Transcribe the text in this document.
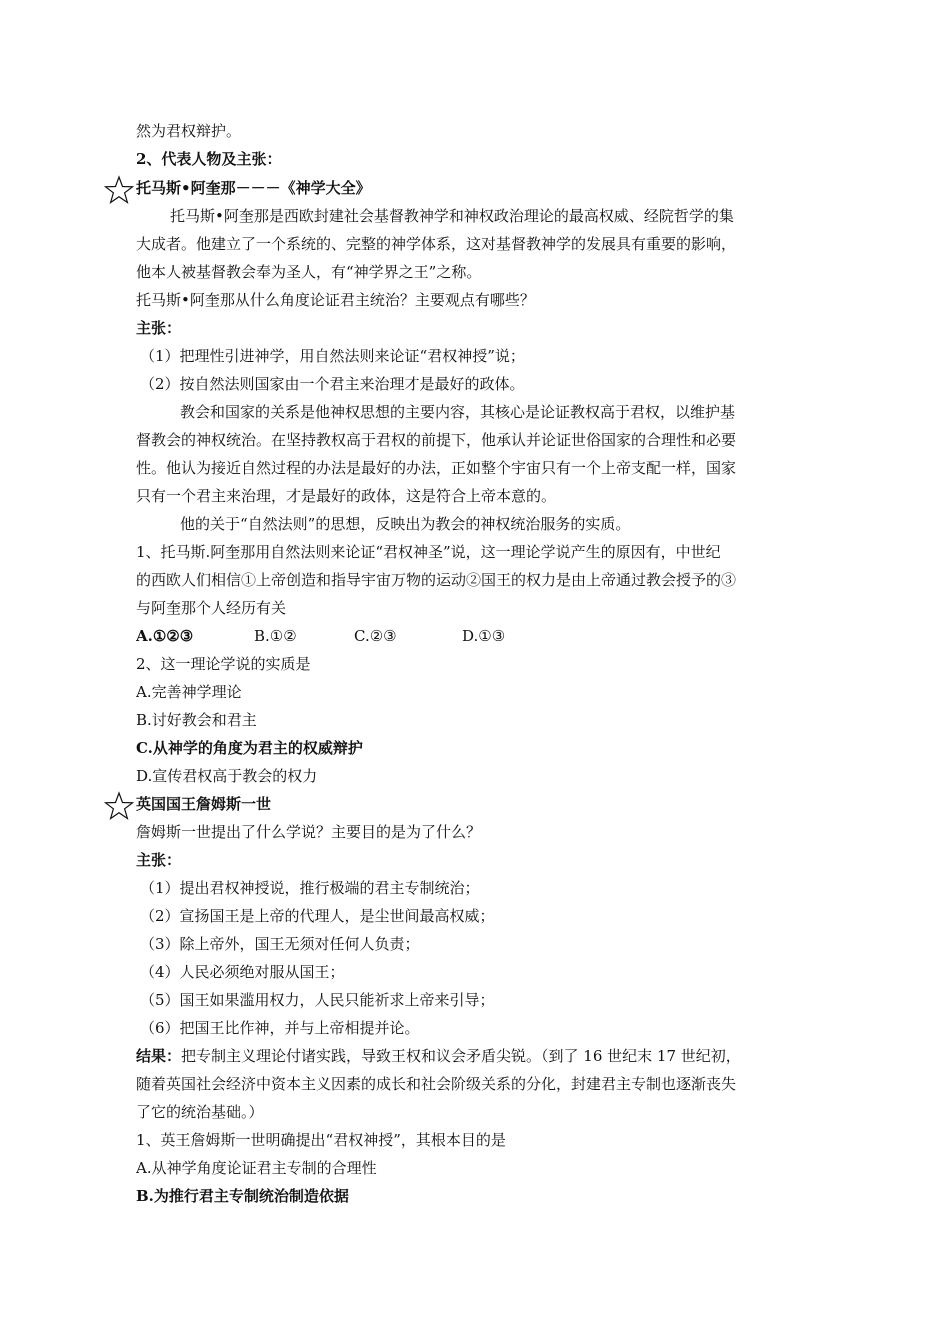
然为君权辩护。
2、代表人物及主张：
托马斯•阿奎那－－－《神学大全》
托马斯•阿奎那是西欧封建社会基督教神学和神权政治理论的最高权威、经院哲学的集
大成者。他建立了一个系统的、完整的神学体系，这对基督教神学的发展具有重要的影响，
他本人被基督教会奉为圣人，有“神学界之王”之称。
托马斯•阿奎那从什么角度论证君主统治？主要观点有哪些？
主张：
（1）把理性引进神学，用自然法则来论证“君权神授”说；
（2）按自然法则国家由一个君主来治理才是最好的政体。
教会和国家的关系是他神权思想的主要内容，其核心是论证教权高于君权，以维护基
督教会的神权统治。在坚持教权高于君权的前提下，他承认并论证世俗国家的合理性和必要
性。他认为接近自然过程的办法是最好的办法，正如整个宇宙只有一个上帝支配一样，国家
只有一个君主来治理，才是最好的政体，这是符合上帝本意的。
他的关于“自然法则”的思想，反映出为教会的神权统治服务的实质。
1、托马斯.阿奎那用自然法则来论证“君权神圣”说，这一理论学说产生的原因有，中世纪
的西欧人们相信①上帝创造和指导宇宙万物的运动②国王的权力是由上帝通过教会授予的③
与阿奎那个人经历有关
A.①②③	B.①②	C.②③	D.①③
2、这一理论学说的实质是
A.完善神学理论
B.讨好教会和君主
C.从神学的角度为君主的权威辩护
D.宣传君权高于教会的权力
英国国王詹姆斯一世
詹姆斯一世提出了什么学说？主要目的是为了什么？
主张：
（1）提出君权神授说，推行极端的君主专制统治；
（2）宣扬国王是上帝的代理人，是尘世间最高权威；
（3）除上帝外，国王无须对任何人负责；
（4）人民必须绝对服从国王；
（5）国王如果滥用权力，人民只能祈求上帝来引导；
（6）把国王比作神，并与上帝相提并论。
结果：把专制主义理论付诸实践，导致王权和议会矛盾尖锐。（到了 16 世纪末 17 世纪初，
随着英国社会经济中资本主义因素的成长和社会阶级关系的分化，封建君主专制也逐渐丧失
了它的统治基础。）
1、英王詹姆斯一世明确提出“君权神授”，其根本目的是
A.从神学角度论证君主专制的合理性
B.为推行君主专制统治制造依据
